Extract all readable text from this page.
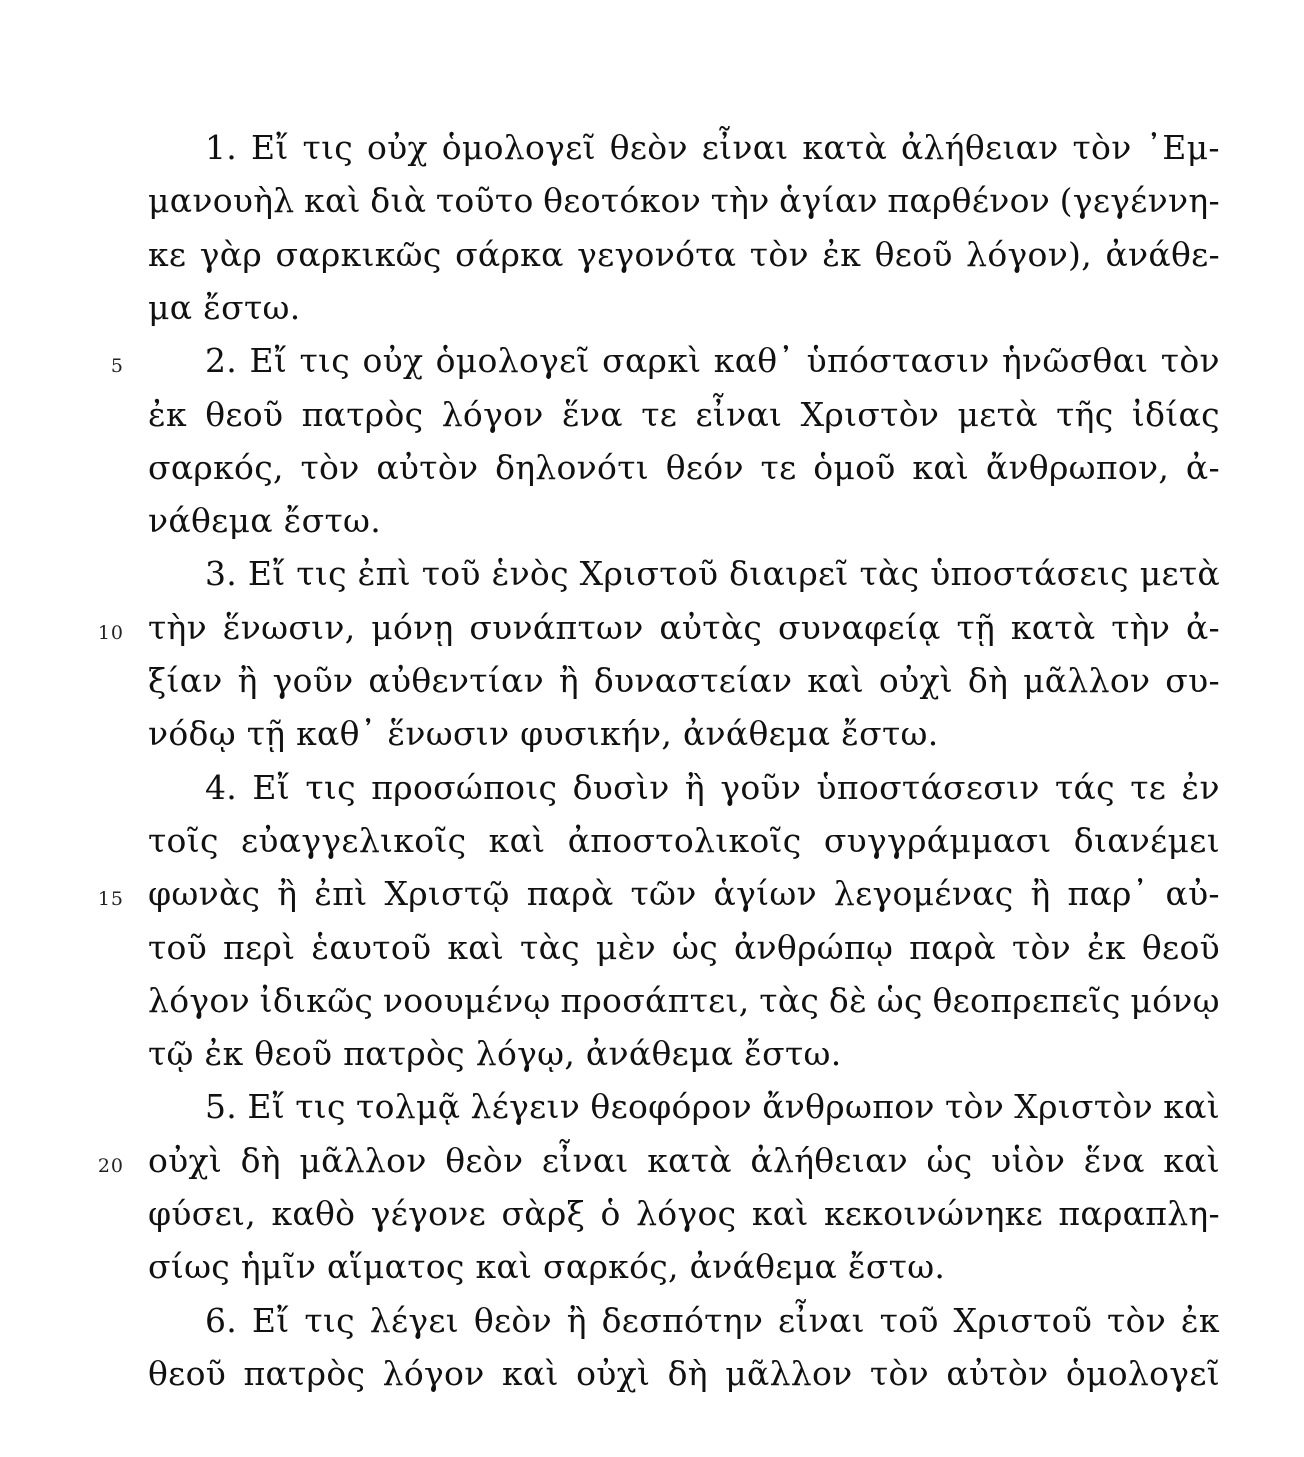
1. Εἴ τις οὐχ ὁμολογεῖ θεὸν εἶναι κατὰ ἀλήθειαν τὸν ᾿Εμ-
μανουὴλ καὶ διὰ τοῦτο θεοτόκον τὴν ἁγίαν παρθένον (γεγέννη-
κε γὰρ σαρκικῶς σάρκα γεγονότα τὸν ἐκ θεοῦ λόγον), ἀνάθε-
μα ἔστω.
2. Εἴ τις οὐχ ὁμολογεῖ σαρκὶ καθ᾿ ὑπόστασιν ἡνῶσθαι τὸν
ἐκ θεοῦ πατρὸς λόγον ἕνα τε εἶναι Χριστὸν μετὰ τῆς ἰδίας
σαρκός, τὸν αὐτὸν δηλονότι θεόν τε ὁμοῦ καὶ ἄνθρωπον, ἀ-
νάθεμα ἔστω.
3. Εἴ τις ἐπὶ τοῦ ἑνὸς Χριστοῦ διαιρεῖ τὰς ὑποστάσεις μετὰ
τὴν ἕνωσιν, μόνῃ συνάπτων αὐτὰς συναφείᾳ τῇ κατὰ τὴν ἀ-
ξίαν ἢ γοῦν αὐθεντίαν ἢ δυναστείαν καὶ οὐχὶ δὴ μᾶλλον συ-
νόδῳ τῇ καθ᾿ ἕνωσιν φυσικήν, ἀνάθεμα ἔστω.
4. Εἴ τις προσώποις δυσὶν ἢ γοῦν ὑποστάσεσιν τάς τε ἐν
τοῖς εὐαγγελικοῖς καὶ ἀποστολικοῖς συγγράμμασι διανέμει
φωνὰς ἢ ἐπὶ Χριστῷ παρὰ τῶν ἁγίων λεγομένας ἢ παρ᾿ αὐ-
τοῦ περὶ ἑαυτοῦ καὶ τὰς μὲν ὡς ἀνθρώπῳ παρὰ τὸν ἐκ θεοῦ
λόγον ἰδικῶς νοουμένῳ προσάπτει, τὰς δὲ ὡς θεοπρεπεῖς μόνῳ
τῷ ἐκ θεοῦ πατρὸς λόγῳ, ἀνάθεμα ἔστω.
5. Εἴ τις τολμᾷ λέγειν θεοφόρον ἄνθρωπον τὸν Χριστὸν καὶ
οὐχὶ δὴ μᾶλλον θεὸν εἶναι κατὰ ἀλήθειαν ὡς υἱὸν ἕνα καὶ
φύσει, καθὸ γέγονε σὰρξ ὁ λόγος καὶ κεκοινώνηκε παραπλη-
σίως ἡμῖν αἵματος καὶ σαρκός, ἀνάθεμα ἔστω.
6. Εἴ τις λέγει θεὸν ἢ δεσπότην εἶναι τοῦ Χριστοῦ τὸν ἐκ
θεοῦ πατρὸς λόγον καὶ οὐχὶ δὴ μᾶλλον τὸν αὐτὸν ὁμολογεῖ
5
10
15
20
